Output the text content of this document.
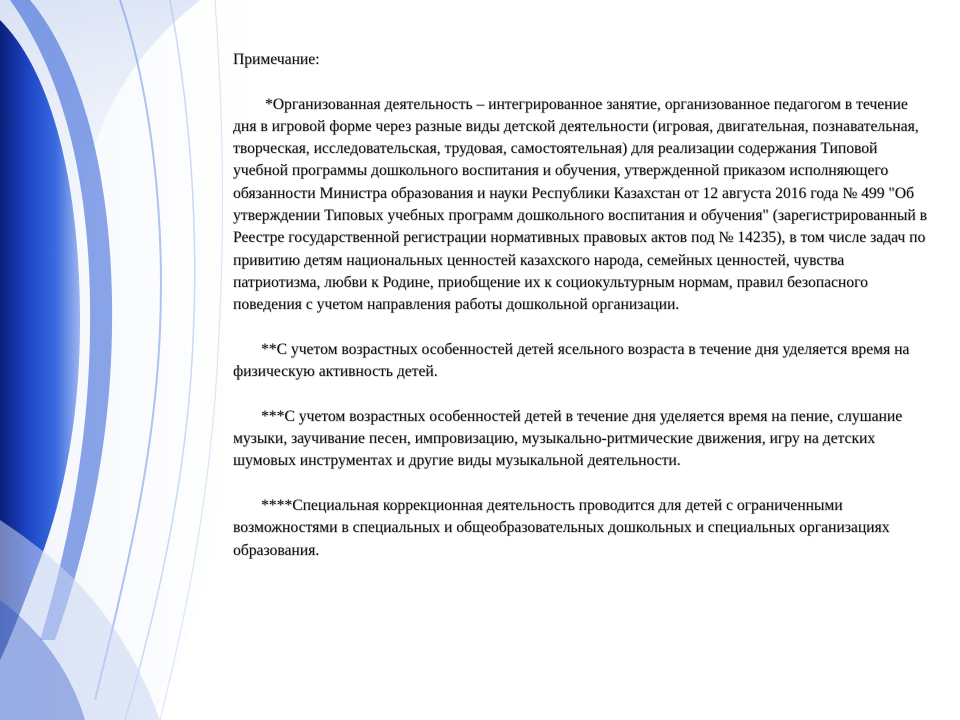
Примечание:

*Организованная деятельность – интегрированное занятие, организованное педагогом в течение дня в игровой форме через разные виды детской деятельности (игровая, двигательная, познавательная, творческая, исследовательская, трудовая, самостоятельная) для реализации содержания Типовой учебной программы дошкольного воспитания и обучения, утвержденной приказом исполняющего обязанности Министра образования и науки Республики Казахстан от 12 августа 2016 года № 499 "Об утверждении Типовых учебных программ дошкольного воспитания и обучения" (зарегистрированный в Реестре государственной регистрации нормативных правовых актов под № 14235), в том числе задач по привитию детям национальных ценностей казахского народа, семейных ценностей, чувства патриотизма, любви к Родине, приобщение их к социокультурным нормам, правил безопасного поведения с учетом направления работы дошкольной организации.

**С учетом возрастных особенностей детей ясельного возраста в течение дня уделяется время на физическую активность детей.

***С учетом возрастных особенностей детей в течение дня уделяется время на пение, слушание музыки, заучивание песен, импровизацию, музыкально-ритмические движения, игру на детских шумовых инструментах и другие виды музыкальной деятельности.

****Специальная коррекционная деятельность проводится для детей с ограниченными возможностями в специальных и общеобразовательных дошкольных и специальных организациях образования.
